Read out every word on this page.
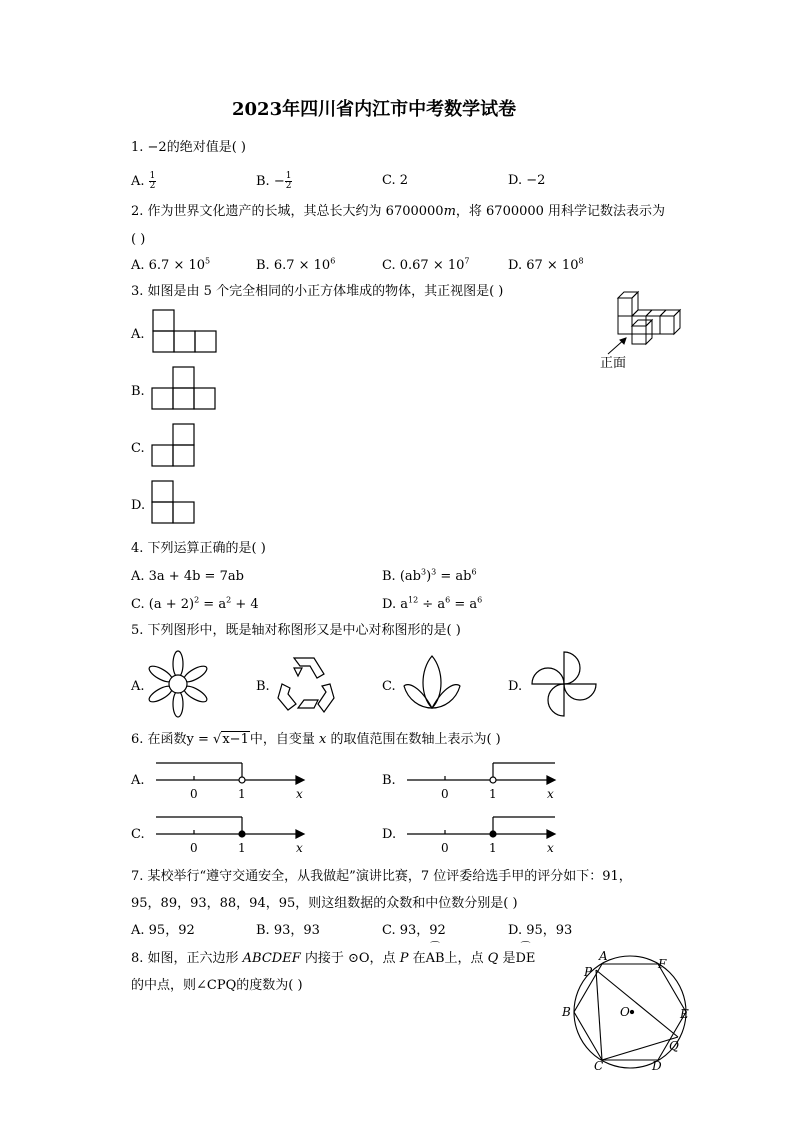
2023年四川省内江市中考数学试卷
1. −2的绝对值是( )
A. $\frac{1}{2}$	B. − $\frac{1}{2}$	C. 2	D. −2
2. 作为世界文化遗产的长城，其总长大约为 6700000𝑚，将 6700000 用科学记数法表示为
( )
A. $6.7 \times 10^5$	B. $6.7 \times 10^6$	C. $0.67 \times 10^7$	D. $67 \times 10^8$
3. 如图是由 5 个完全相同的小正方体堆成的物体，其正视图是( )
正面
A.
B.
C.
D.
4. 下列运算正确的是( )
A. 3a + 4b = 7ab	B. $(ab^3)^3 = ab^6$
C. $(a + 2)^2 = a^2 + 4$	D. $a^{12} \div a^6 = a^6$
5. 下列图形中，既是轴对称图形又是中心对称图形的是( )
A.	B.	C.	D.
6. 在函数y = √x−1中，自变量 x 的取值范围在数轴上表示为( )
A.
0	1	x
B.
0	1	x
C.
0	1	x
D.
0	1	x
7. 某校举行“遵守交通安全，从我做起”演讲比赛，7 位评委给选手甲的评分如下：91，
95，89，93，88，94，95，则这组数据的众数和中位数分别是( )
A. 95，92	B. 93，93	C. 93，92	D. 95，93
8. 如图，正六边形 ABCDEF 内接于 ⊙O，点 P 在⌒ AB上，点 Q 是⌒ DE
的中点，则∠CPQ的度数为( )
A
P
F
B	O	E
Q
C	D
